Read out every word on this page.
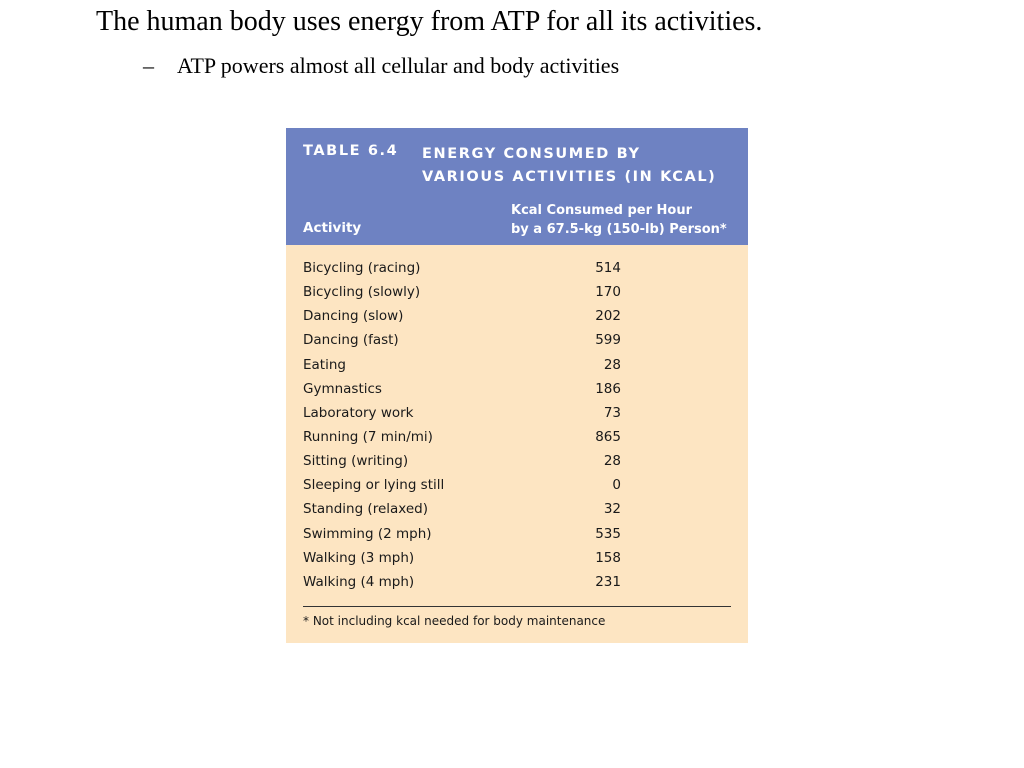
The human body uses energy from ATP for all its activities.
– ATP powers almost all cellular and body activities
TABLE 6.4 ENERGY CONSUMED BY
VARIOUS ACTIVITIES (IN KCAL)
Activity
Kcal Consumed per Hour
by a 67.5-kg (150-lb) Person*
Bicycling (racing)	514
Bicycling (slowly)	170
Dancing (slow)	202
Dancing (fast)	599
Eating	28
Gymnastics	186
Laboratory work	73
Running (7 min/mi)	865
Sitting (writing)	28
Sleeping or lying still	0
Standing (relaxed)	32
Swimming (2 mph)	535
Walking (3 mph)	158
Walking (4 mph)	231
* Not including kcal needed for body maintenance
